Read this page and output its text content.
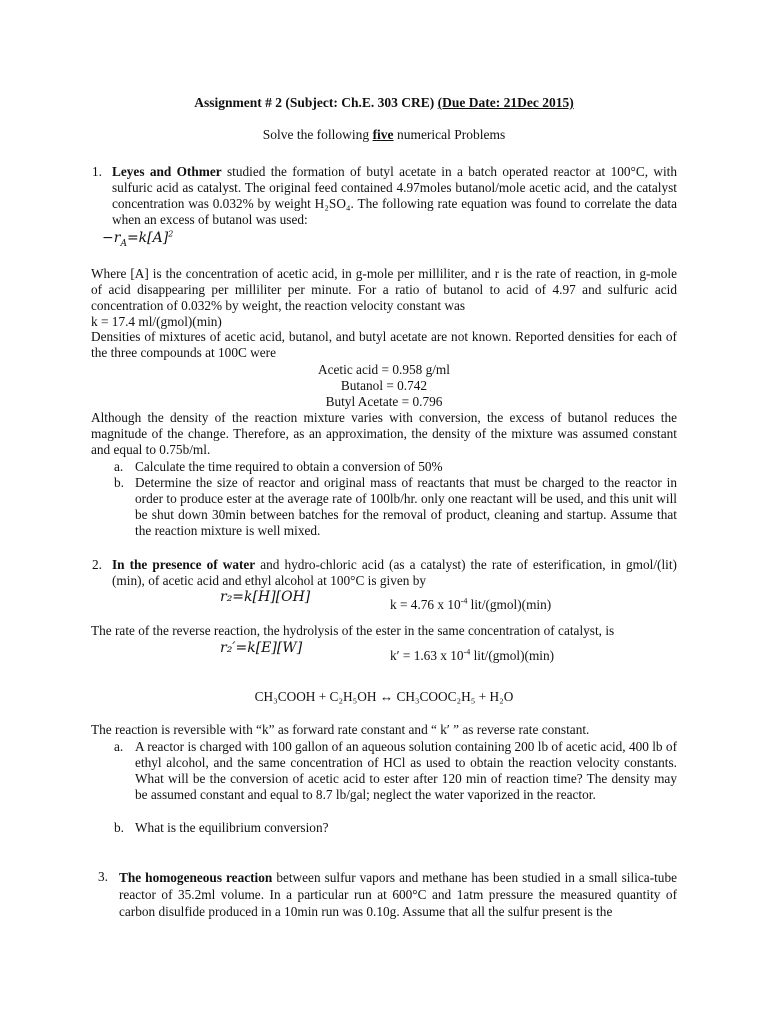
Assignment # 2 (Subject: Ch.E. 303 CRE) (Due Date: 21Dec 2015)
Solve the following five numerical Problems
1. Leyes and Othmer studied the formation of butyl acetate in a batch operated reactor at 100°C, with sulfuric acid as catalyst. The original feed contained 4.97moles butanol/mole acetic acid, and the catalyst concentration was 0.032% by weight H₂SO₄. The following rate equation was found to correlate the data when an excess of butanol was used:
$-r_A=k[A]^2$
Where [A] is the concentration of acetic acid, in g-mole per milliliter, and r is the rate of reaction, in g-mole of acid disappearing per milliliter per minute. For a ratio of butanol to acid of 4.97 and sulfuric acid concentration of 0.032% by weight, the reaction velocity constant was
k = 17.4 ml/(gmol)(min)
Densities of mixtures of acetic acid, butanol, and butyl acetate are not known. Reported densities for each of the three compounds at 100C were
Acetic acid = 0.958 g/ml
Butanol = 0.742
Butyl Acetate = 0.796
Although the density of the reaction mixture varies with conversion, the excess of butanol reduces the magnitude of the change. Therefore, as an approximation, the density of the mixture was assumed constant and equal to 0.75b/ml.
a. Calculate the time required to obtain a conversion of 50%
b. Determine the size of reactor and original mass of reactants that must be charged to the reactor in order to produce ester at the average rate of 100lb/hr. only one reactant will be used, and this unit will be shut down 30min between batches for the removal of product, cleaning and startup. Assume that the reaction mixture is well mixed.
2. In the presence of water and hydro-chloric acid (as a catalyst) the rate of esterification, in gmol/(lit)(min), of acetic acid and ethyl alcohol at 100°C is given by
r₂=k[H][OH]	k = 4.76 x $10^{-4}$ lit/(gmol)(min)
The rate of the reverse reaction, the hydrolysis of the ester in the same concentration of catalyst, is
r₂′=k[E][W]	k′ = 1.63 x $10^{-4}$ lit/(gmol)(min)
CH₃COOH + C₂H₅OH ↔ CH₃COOC₂H₅ + H₂O
The reaction is reversible with “k” as forward rate constant and “ k′ ” as reverse rate constant.
a. A reactor is charged with 100 gallon of an aqueous solution containing 200 lb of acetic acid, 400 lb of ethyl alcohol, and the same concentration of HCl as used to obtain the reaction velocity constants. What will be the conversion of acetic acid to ester after 120 min of reaction time? The density may be assumed constant and equal to 8.7 lb/gal; neglect the water vaporized in the reactor.
b. What is the equilibrium conversion?
3. The homogeneous reaction between sulfur vapors and methane has been studied in a small silica-tube reactor of 35.2ml volume. In a particular run at 600°C and 1atm pressure the measured quantity of carbon disulfide produced in a 10min run was 0.10g. Assume that all the sulfur present is the
